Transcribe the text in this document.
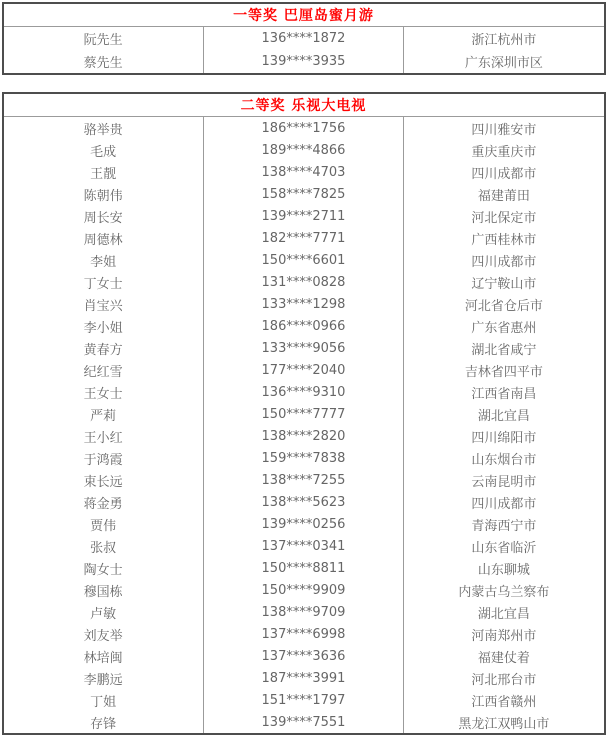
一等奖 巴厘岛蜜月游		
阮先生	136****1872	浙江杭州市
蔡先生	139****3935	广东深圳市区
二等奖 乐视大电视		
骆举贵	186****1756	四川雅安市
毛成	189****4866	重庆重庆市
王靓	138****4703	四川成都市
陈朝伟	158****7825	福建莆田
周长安	139****2711	河北保定市
周德林	182****7771	广西桂林市
李姐	150****6601	四川成都市
丁女士	131****0828	辽宁鞍山市
肖宝兴	133****1298	河北省仓后市
李小姐	186****0966	广东省惠州
黄春方	133****9056	湖北省咸宁
纪红雪	177****2040	吉林省四平市
王女士	136****9310	江西省南昌
严莉	150****7777	湖北宜昌
王小红	138****2820	四川绵阳市
于鸿霞	159****7838	山东烟台市
束长远	138****7255	云南昆明市
蒋金勇	138****5623	四川成都市
贾伟	139****0256	青海西宁市
张叔	137****0341	山东省临沂
陶女士	150****8811	山东聊城
穆国栋	150****9909	内蒙古乌兰察布
卢敏	138****9709	湖北宜昌
刘友举	137****6998	河南郑州市
林培闽	137****3636	福建仗着
李鹏远	187****3991	河北邢台市
丁姐	151****1797	江西省赣州
存锋	139****7551	黑龙江双鸭山市
